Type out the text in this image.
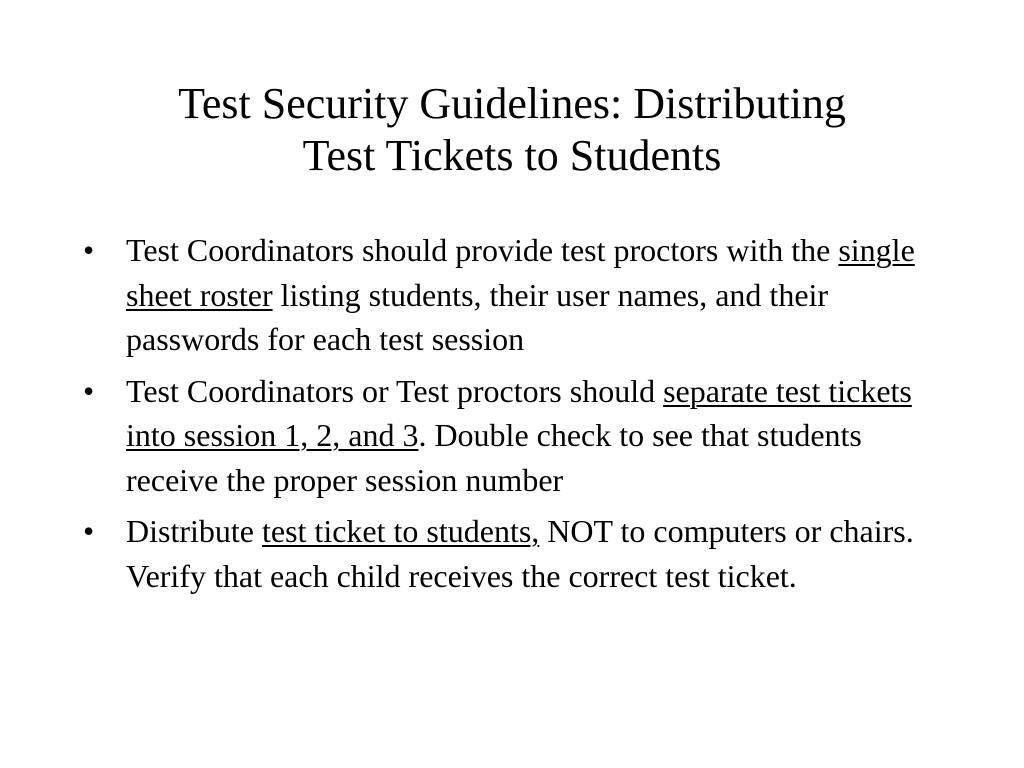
Test Security Guidelines: Distributing
Test Tickets to Students
• Test Coordinators should provide test proctors with the single sheet roster listing students, their user names, and their passwords for each test session
• Test Coordinators or Test proctors should separate test tickets into session 1, 2, and 3. Double check to see that students receive the proper session number
• Distribute test ticket to students, NOT to computers or chairs. Verify that each child receives the correct test ticket.
